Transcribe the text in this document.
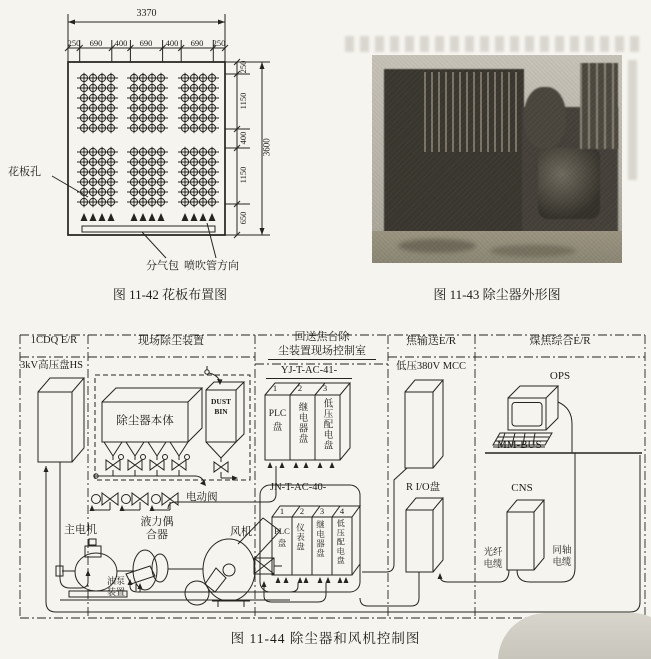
3370
250	690	400	690	400	690	250
250
1150
400
1150
650
3600
花板孔
分气包 喷吹管方向
图 11-42 花板布置图	图 11-43 除尘器外形图
1CDQ E/R	现场除尘装置	回送焦台除
尘装置现场控制室
焦输送E/R	煤焦综合E/R
3kV高压盘HS
除尘器本体
DUST
BIN
电动阀
主电机
液力偶
合器
油泵
装置
风机
YJ-T-AC-41-
1	2	3
PLC
盘	继电器盘 低压配电盘
JN-T-AC-40-
1	2	3	4
PLC
盘	仪表盘 继电器盘 低压配电盘
低压380V MCC
R I/O盘
OPS
MM-BUS
CNS
光纤
电缆
同轴
电缆
图 11-44 除尘器和风机控制图
